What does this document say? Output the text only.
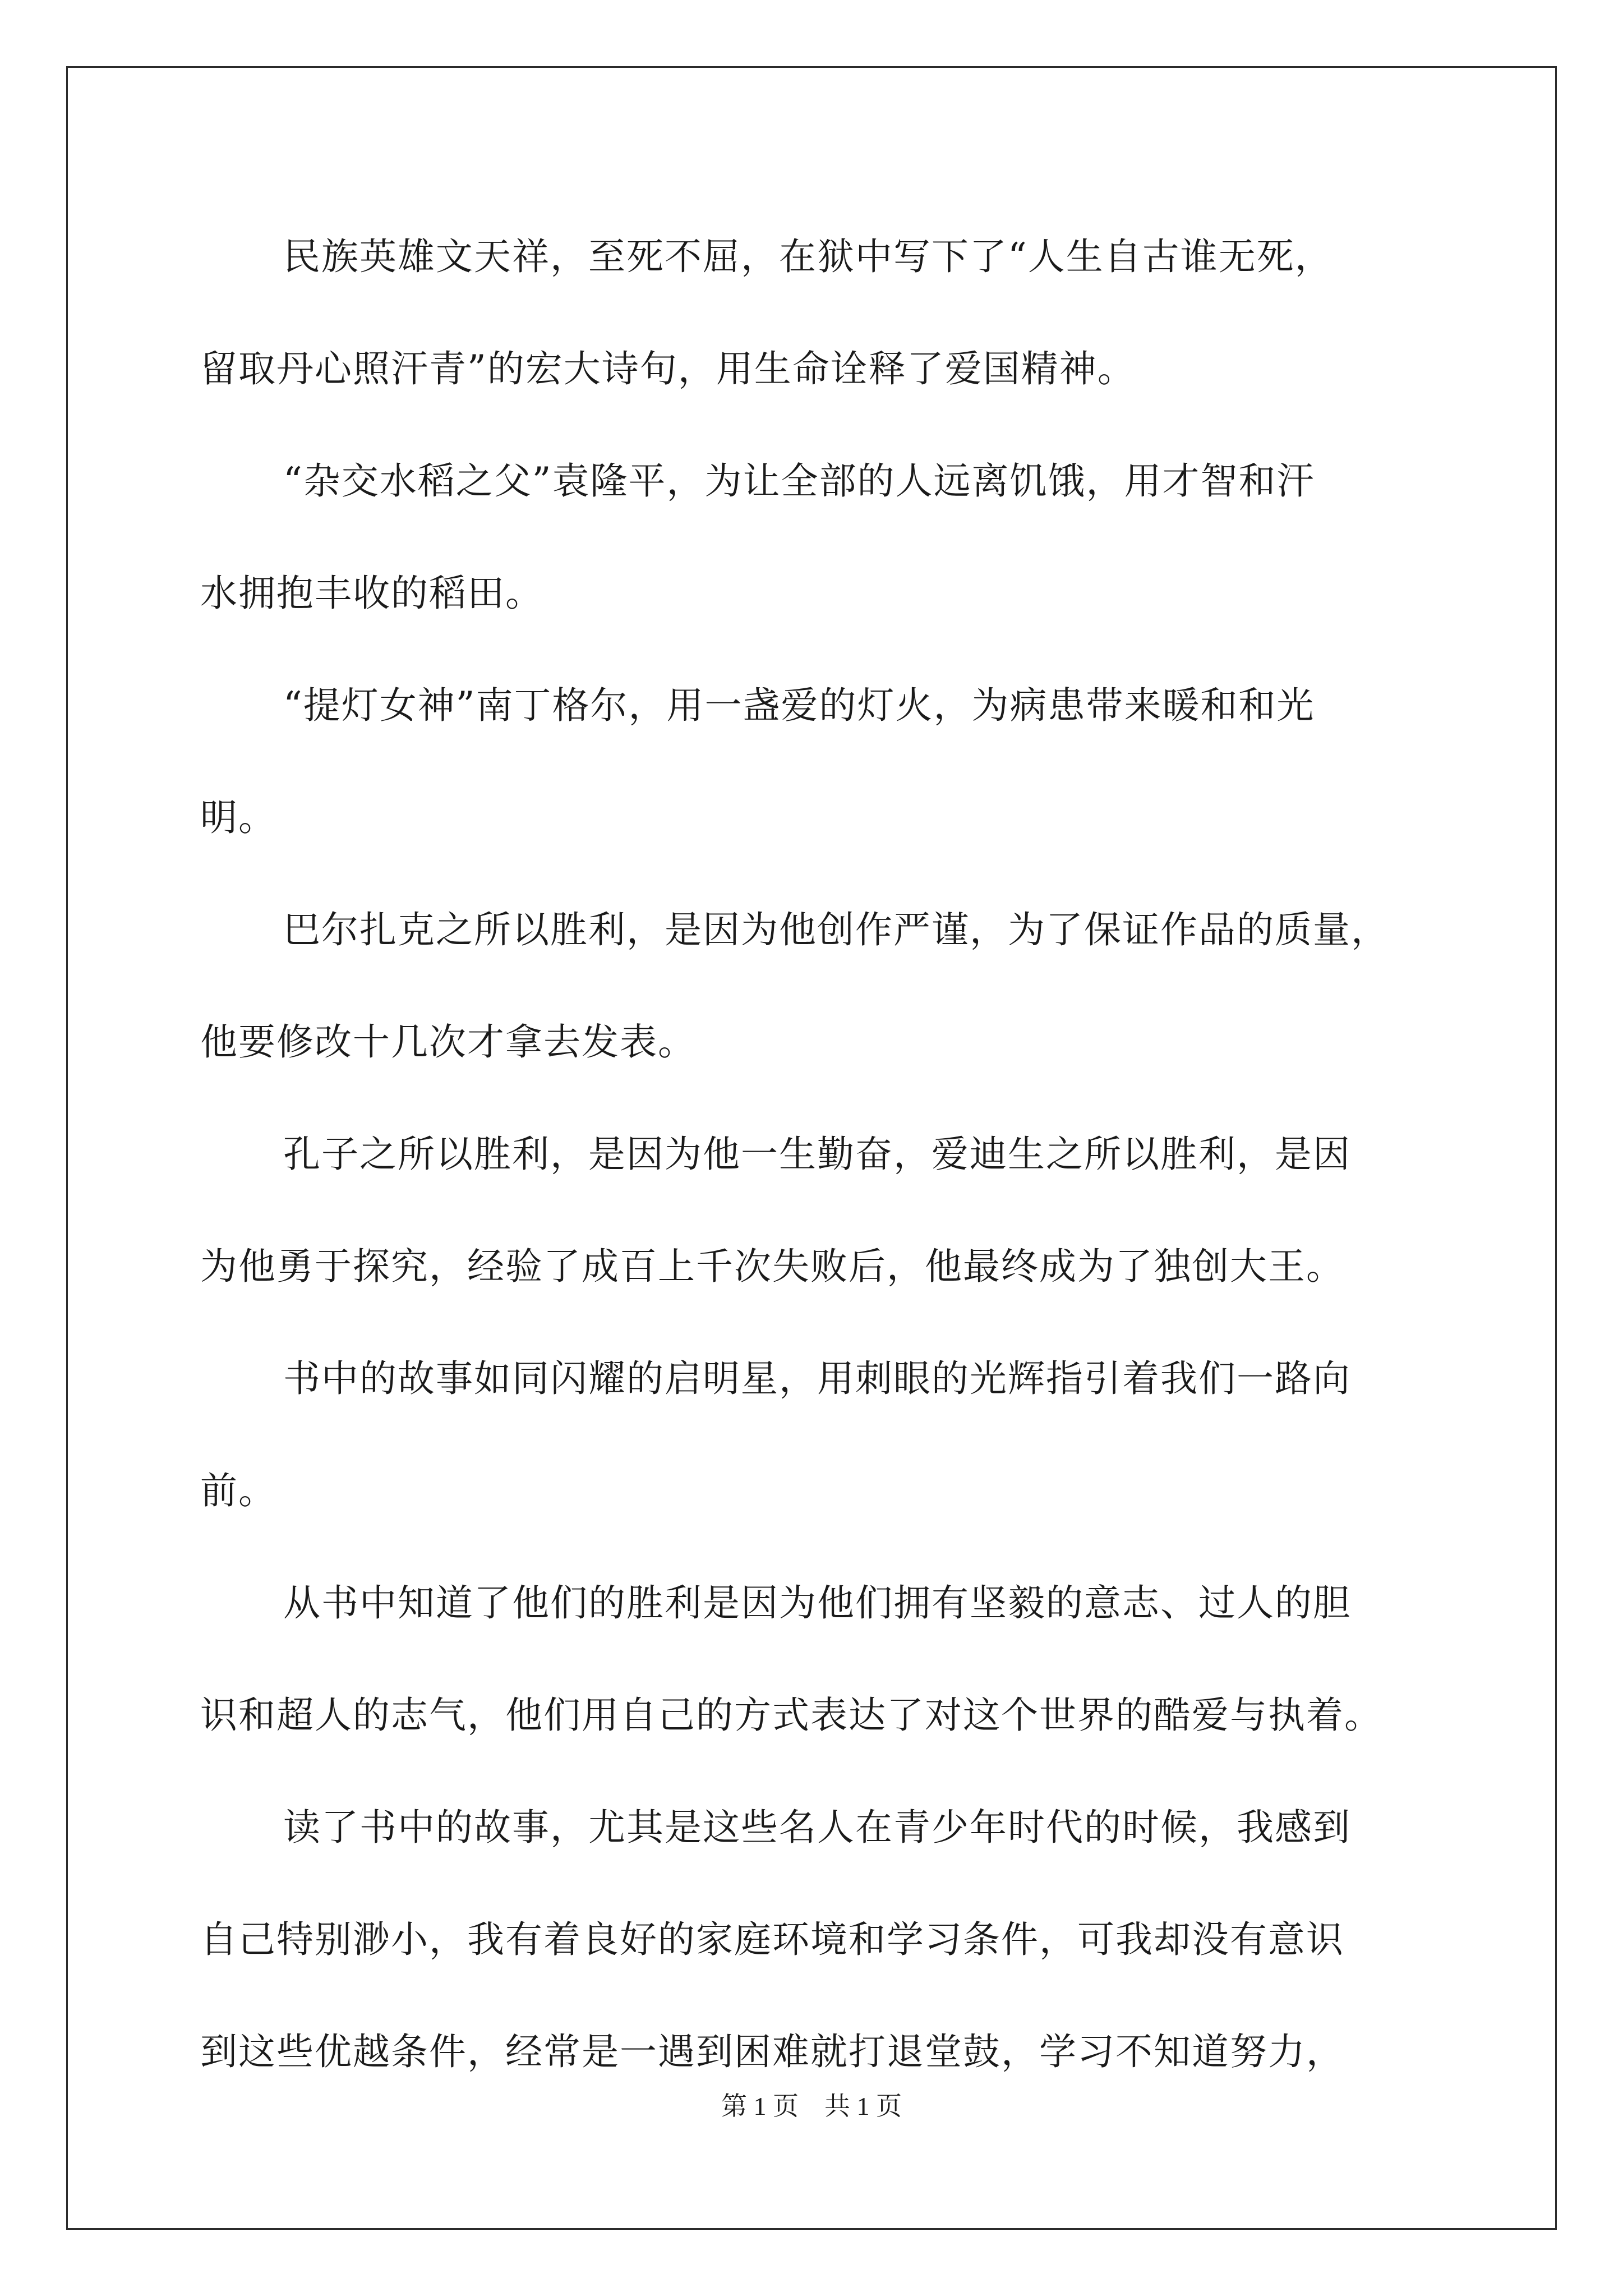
民族英雄文天祥，至死不屈，在狱中写下了“人生自古谁无死，
留取丹心照汗青”的宏大诗句，用生命诠释了爱国精神。
“杂交水稻之父”袁隆平，为让全部的人远离饥饿，用才智和汗
水拥抱丰收的稻田。
“提灯女神”南丁格尔，用一盏爱的灯火，为病患带来暖和和光
明。
巴尔扎克之所以胜利，是因为他创作严谨，为了保证作品的质量，
他要修改十几次才拿去发表。
孔子之所以胜利，是因为他一生勤奋，爱迪生之所以胜利，是因
为他勇于探究，经验了成百上千次失败后，他最终成为了独创大王。
书中的故事如同闪耀的启明星，用刺眼的光辉指引着我们一路向
前。
从书中知道了他们的胜利是因为他们拥有坚毅的意志、过人的胆
识和超人的志气，他们用自己的方式表达了对这个世界的酷爱与执着。
读了书中的故事，尤其是这些名人在青少年时代的时候，我感到
自己特别渺小，我有着良好的家庭环境和学习条件，可我却没有意识
到这些优越条件，经常是一遇到困难就打退堂鼓，学习不知道努力，
第 1 页    共 1 页
